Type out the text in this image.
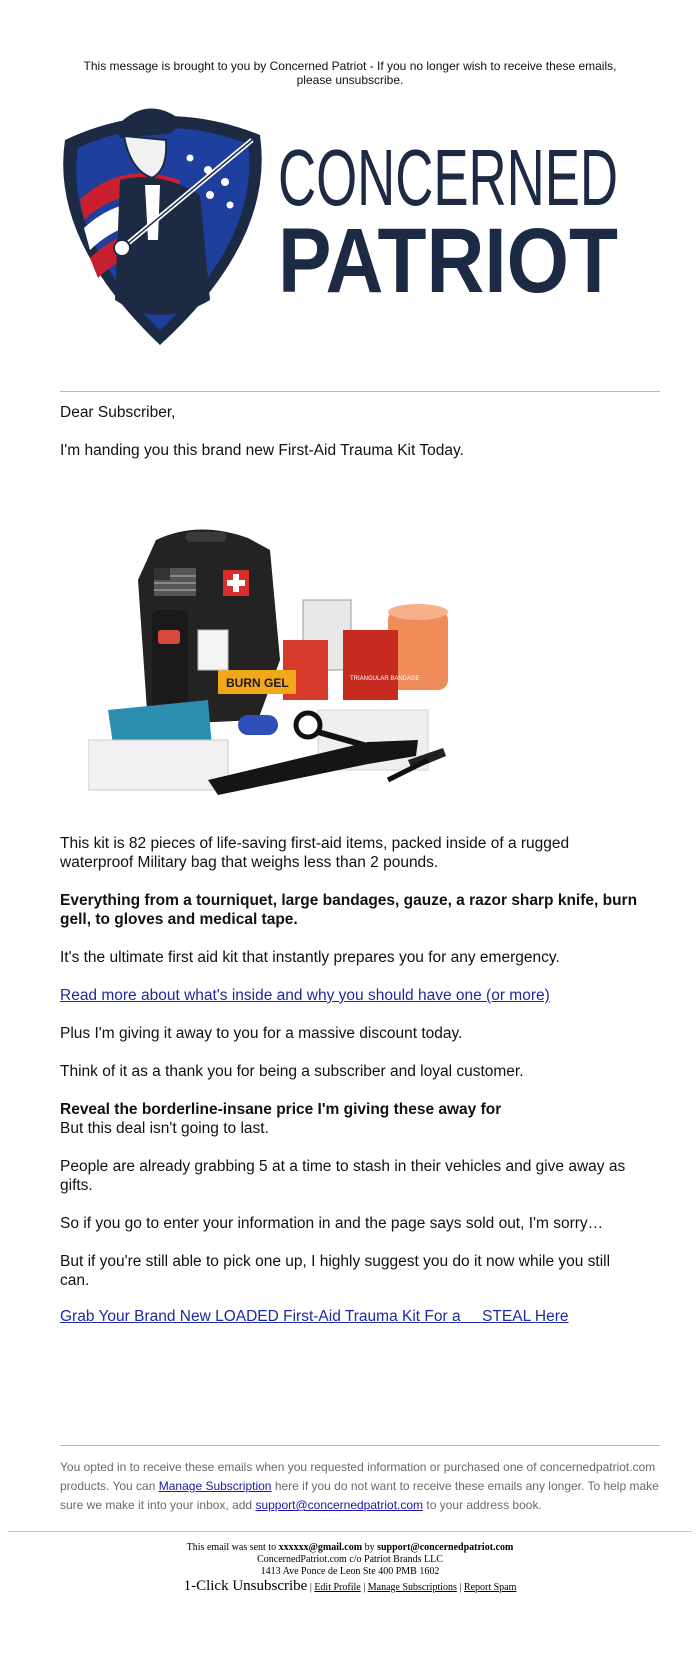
This message is brought to you by Concerned Patriot - If you no longer wish to receive these emails,
please unsubscribe.
CONCERNED
PATRIOT
Dear Subscriber,
I'm handing you this brand new First-Aid Trauma Kit Today.
TRIANGULAR BANDAGE
BURN GEL

This kit is 82 pieces of life-saving first-aid items, packed inside of a rugged

waterproof Military bag that weighs less than 2 pounds.

Everything from a tourniquet, large bandages, gauze, a razor sharp knife, burn

gell, to gloves and medical tape.

It's the ultimate first aid kit that instantly prepares you for any emergency.
Read more about what's inside and why you should have one (or more)
Plus I'm giving it away to you for a massive discount today.
Think of it as a thank you for being a subscriber and loyal customer.

Reveal the borderline-insane price I'm giving these away for

But this deal isn't going to last.

People are already grabbing 5 at a time to stash in their vehicles and give away as

gifts.

So if you go to enter your information in and the page says sold out, I'm sorry…

But if you're still able to pick one up, I highly suggest you do it now while you still

can.

Grab Your Brand New LOADED First-Aid Trauma Kit For a     STEAL Here
You opted in to receive these emails when you requested information or purchased one of concernedpatriot.com
products. You can Manage Subscription here if you do not want to receive these emails any longer. To help make
sure we make it into your inbox, add support@concernedpatriot.com to your address book.
This email was sent to xxxxxx@gmail.com by support@concernedpatriot.com
ConcernedPatriot.com c/o Patriot Brands LLC
1413 Ave Ponce de Leon Ste 400 PMB 1602
1-Click Unsubscribe | Edit Profile | Manage Subscriptions | Report Spam
